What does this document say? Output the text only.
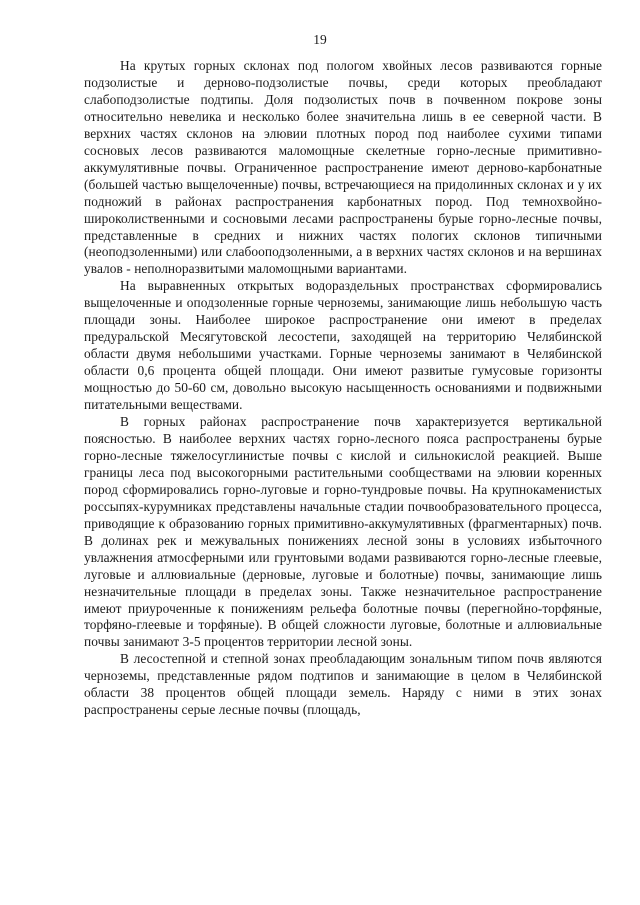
19

На крутых горных склонах под пологом хвойных лесов развиваются горные подзолистые и дерново-подзолистые почвы, среди которых преобладают слабоподзолистые подтипы. Доля подзолистых почв в почвенном покрове зоны относительно невелика и несколько более значительна лишь в ее северной части. В верхних частях склонов на элювии плотных пород под наиболее сухими типами сосновых лесов развиваются маломощные скелетные горно-лесные примитивно-аккумулятивные почвы. Ограниченное распространение имеют дерново-карбонатные (большей частью выщелоченные) почвы, встречающиеся на придолинных склонах и у их подножий в районах распространения карбонатных пород. Под темнохвойно-широколиственными и сосновыми лесами распространены бурые горно-лесные почвы, представленные в средних и нижних частях пологих склонов типичными (неоподзоленными) или слабооподзоленными, а в верхних частях склонов и на вершинах увалов - неполноразвитыми маломощными вариантами.

На выравненных открытых водораздельных пространствах сформировались выщелоченные и оподзоленные горные черноземы, занимающие лишь небольшую часть площади зоны. Наиболее широкое распространение они имеют в пределах предуральской Месягутовской лесостепи, заходящей на территорию Челябинской области двумя небольшими участками. Горные черноземы занимают в Челябинской области 0,6 процента общей площади. Они имеют развитые гумусовые горизонты мощностью до 50-60 см, довольно высокую насыщенность основаниями и подвижными питательными веществами.

В горных районах распространение почв характеризуется вертикальной поясностью. В наиболее верхних частях горно-лесного пояса распространены бурые горно-лесные тяжелосуглинистые почвы с кислой и сильнокислой реакцией. Выше границы леса под высокогорными растительными сообществами на элювии коренных пород сформировались горно-луговые и горно-тундровые почвы. На крупнокаменистых россыпях-курумниках представлены начальные стадии почвообразовательного процесса, приводящие к образованию горных примитивно-аккумулятивных (фрагментарных) почв. В долинах рек и межувальных понижениях лесной зоны в условиях избыточного увлажнения атмосферными или грунтовыми водами развиваются горно-лесные глеевые, луговые и аллювиальные (дерновые, луговые и болотные) почвы, занимающие лишь незначительные площади в пределах зоны. Также незначительное распространение имеют приуроченные к понижениям рельефа болотные почвы (перегнойно-торфяные, торфяно-глеевые и торфяные). В общей сложности луговые, болотные и аллювиальные почвы занимают 3-5 процентов территории лесной зоны.

В лесостепной и степной зонах преобладающим зональным типом почв являются черноземы, представленные рядом подтипов и занимающие в целом в Челябинской области 38 процентов общей площади земель. Наряду с ними в этих зонах распространены серые лесные почвы (площадь,
